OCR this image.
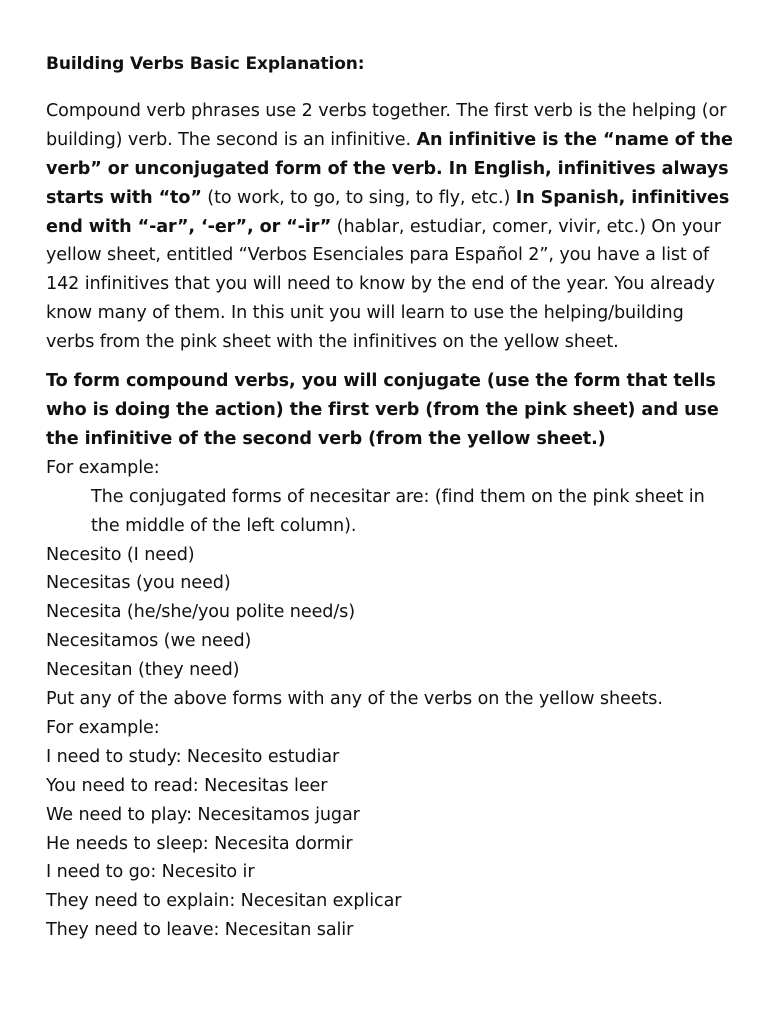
Building Verbs Basic Explanation:

Compound verb phrases use 2 verbs together. The first verb is the helping (or building) verb. The second is an infinitive. An infinitive is the “name of the verb” or unconjugated form of the verb. In English, infinitives always starts with “to” (to work, to go, to sing, to fly, etc.) In Spanish, infinitives end with “-ar”, ‘-er”, or “-ir” (hablar, estudiar, comer, vivir, etc.) On your yellow sheet, entitled “Verbos Esenciales para Español 2”, you have a list of 142 infinitives that you will need to know by the end of the year. You already know many of them. In this unit you will learn to use the helping/building verbs from the pink sheet with the infinitives on the yellow sheet.

To form compound verbs, you will conjugate (use the form that tells who is doing the action) the first verb (from the pink sheet) and use the infinitive of the second verb (from the yellow sheet.)

For example:
The conjugated forms of necesitar are: (find them on the pink sheet in the middle of the left column).
Necesito (I need)
Necesitas (you need)
Necesita (he/she/you polite need/s)
Necesitamos (we need)
Necesitan (they need)
Put any of the above forms with any of the verbs on the yellow sheets.
For example:
I need to study: Necesito estudiar
You need to read: Necesitas leer
We need to play: Necesitamos jugar
He needs to sleep: Necesita dormir
I need to go: Necesito ir
They need to explain: Necesitan explicar
They need to leave: Necesitan salir
